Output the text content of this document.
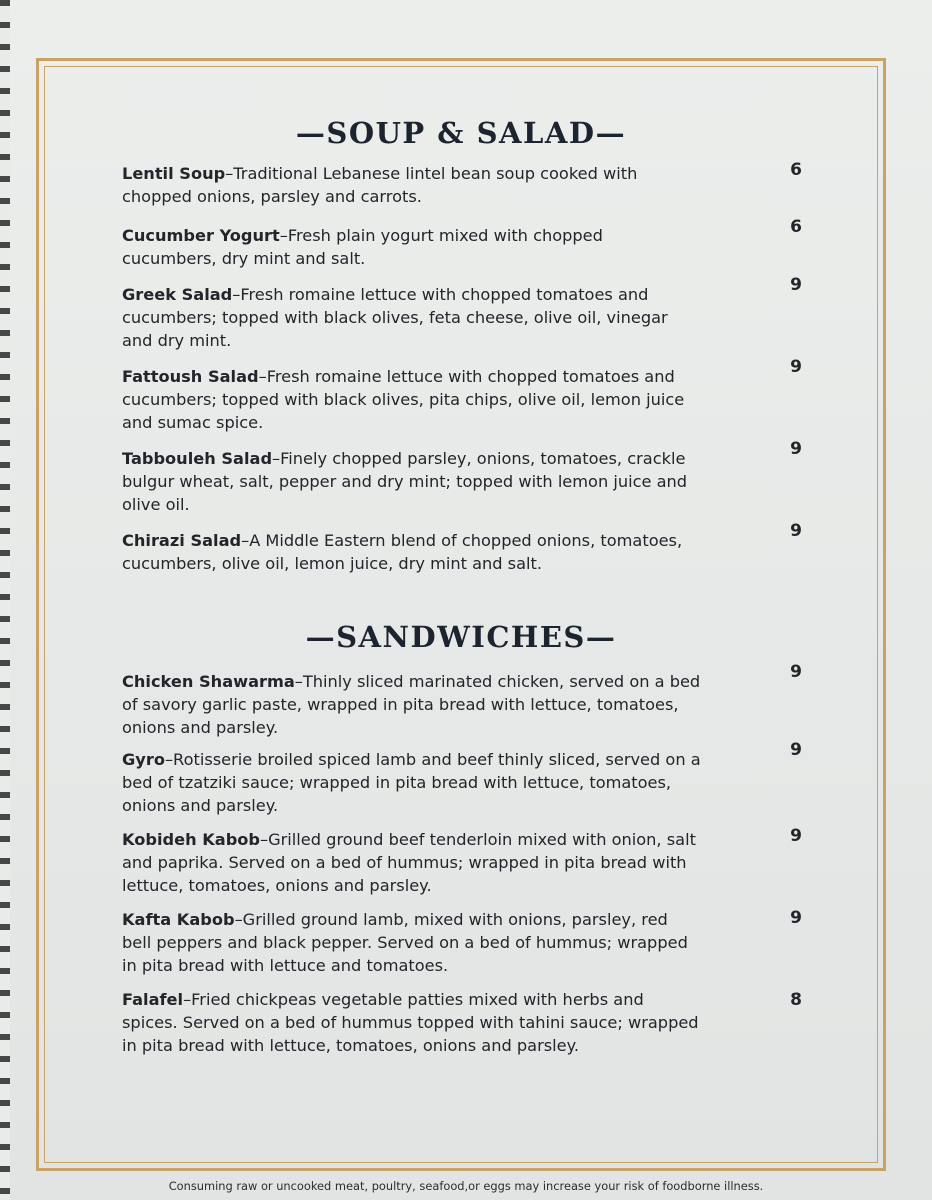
—SOUP & SALAD—
Lentil Soup–Traditional Lebanese lintel bean soup cooked with chopped onions, parsley and carrots.
6
Cucumber Yogurt–Fresh plain yogurt mixed with chopped cucumbers, dry mint and salt.
6
Greek Salad–Fresh romaine lettuce with chopped tomatoes and cucumbers; topped with black olives, feta cheese, olive oil, vinegar and dry mint.
9
Fattoush Salad–Fresh romaine lettuce with chopped tomatoes and cucumbers; topped with black olives, pita chips, olive oil, lemon juice and sumac spice.
9
Tabbouleh Salad–Finely chopped parsley, onions, tomatoes, crackle bulgur wheat, salt, pepper and dry mint; topped with lemon juice and olive oil.
9
Chirazi Salad–A Middle Eastern blend of chopped onions, tomatoes, cucumbers, olive oil, lemon juice, dry mint and salt.
9
—SANDWICHES—
Chicken Shawarma–Thinly sliced marinated chicken, served on a bed of savory garlic paste, wrapped in pita bread with lettuce, tomatoes, onions and parsley.
9
Gyro–Rotisserie broiled spiced lamb and beef thinly sliced, served on a bed of tzatziki sauce; wrapped in pita bread with lettuce, tomatoes, onions and parsley.
9
Kobideh Kabob–Grilled ground beef tenderloin mixed with onion, salt and paprika. Served on a bed of hummus; wrapped in pita bread with lettuce, tomatoes, onions and parsley.
9
Kafta Kabob–Grilled ground lamb, mixed with onions, parsley, red bell peppers and black pepper. Served on a bed of hummus; wrapped in pita bread with lettuce and tomatoes.
9
Falafel–Fried chickpeas vegetable patties mixed with herbs and spices. Served on a bed of hummus topped with tahini sauce; wrapped in pita bread with lettuce, tomatoes, onions and parsley.
8
Consuming raw or uncooked meat, poultry, seafood,or eggs may increase your risk of foodborne illness.
